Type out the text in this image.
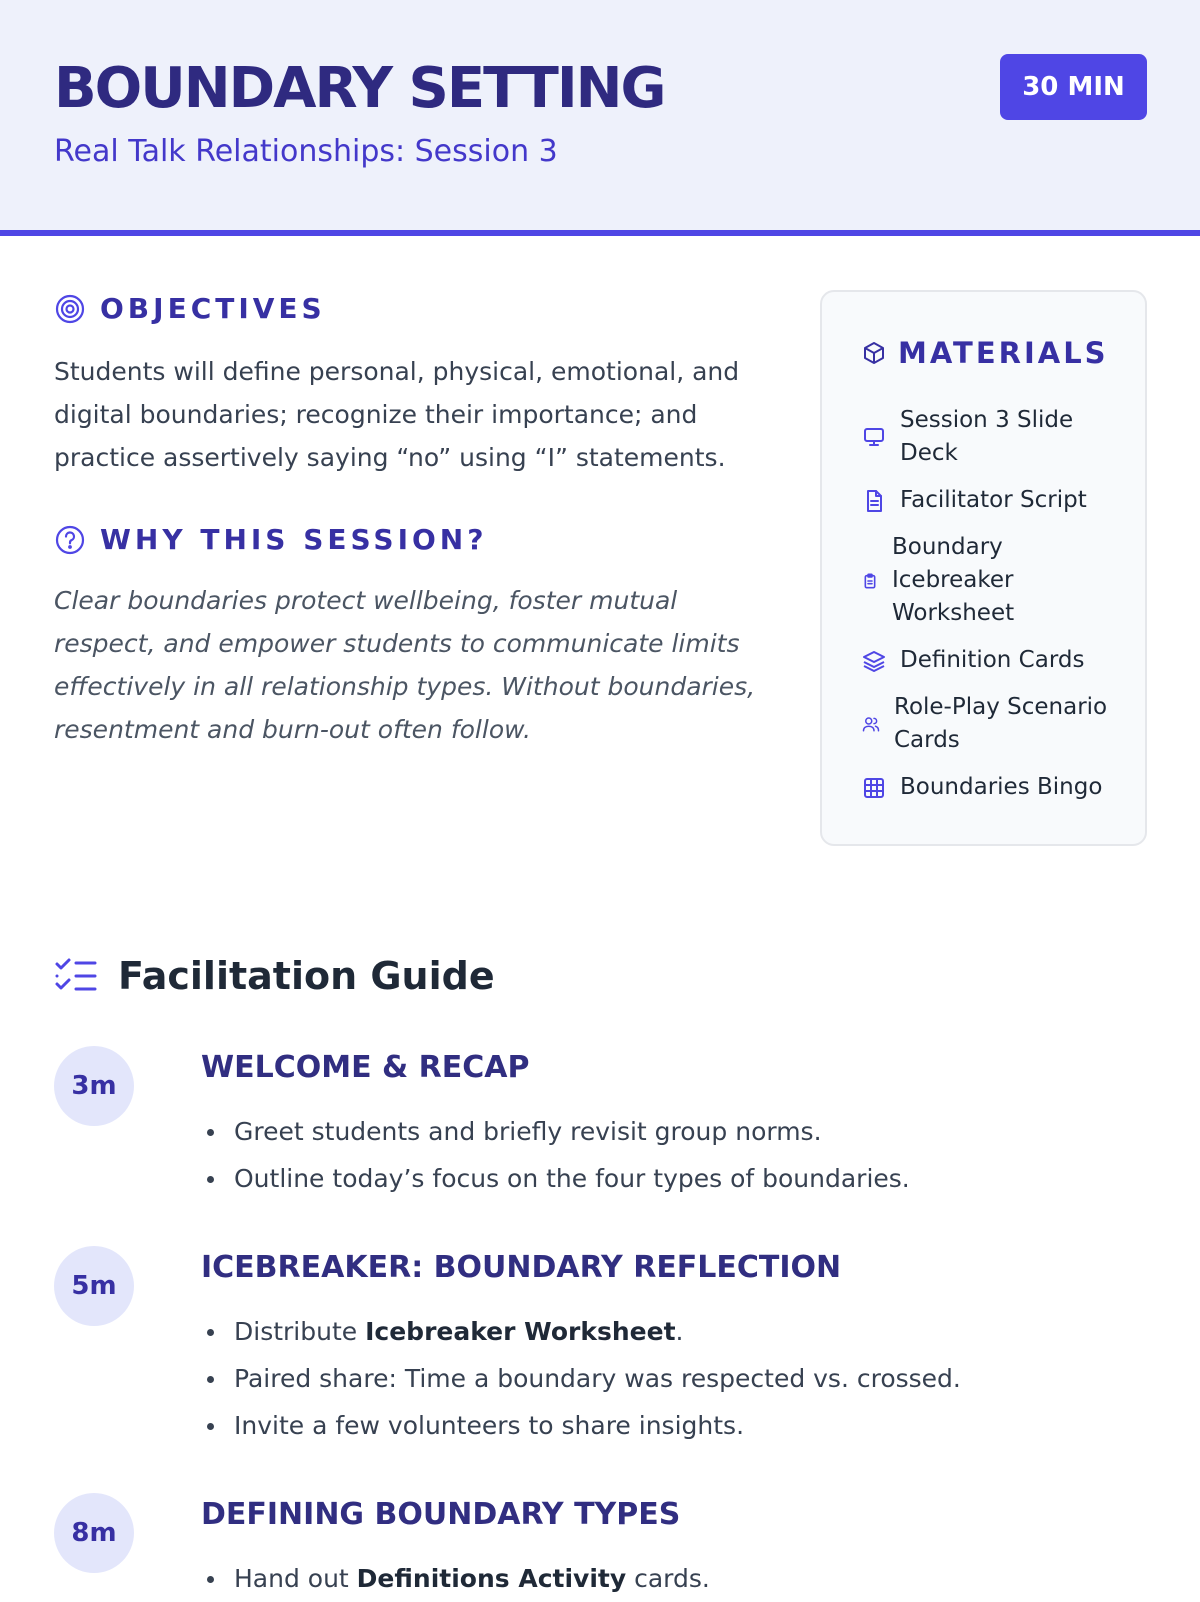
BOUNDARY SETTING
Real Talk Relationships: Session 3
30 MIN
OBJECTIVES
Students will define personal, physical, emotional, and digital boundaries; recognize their importance; and practice assertively saying “no” using “I” statements.
WHY THIS SESSION?
Clear boundaries protect wellbeing, foster mutual respect, and empower students to communicate limits effectively in all relationship types. Without boundaries, resentment and burn-out often follow.
MATERIALS
Session 3 Slide Deck
Facilitator Script
Boundary Icebreaker Worksheet
Definition Cards
Role-Play Scenario Cards
Boundaries Bingo
Facilitation Guide
3m
WELCOME & RECAP
Greet students and briefly revisit group norms.
Outline today’s focus on the four types of boundaries.
5m
ICEBREAKER: BOUNDARY REFLECTION
Distribute Icebreaker Worksheet.
Paired share: Time a boundary was respected vs. crossed.
Invite a few volunteers to share insights.
8m
DEFINING BOUNDARY TYPES
Hand out Definitions Activity cards.
